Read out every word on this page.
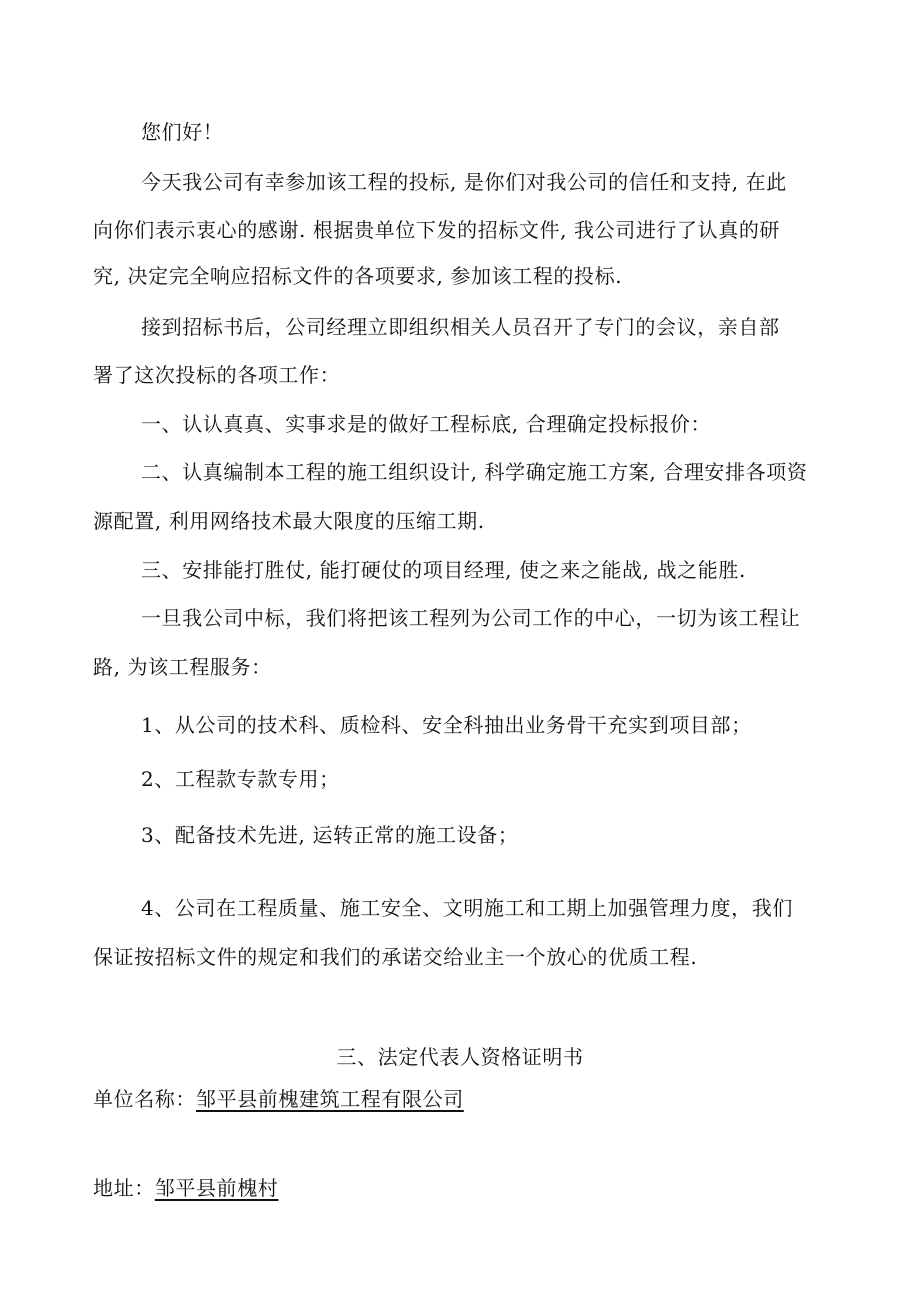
您们好！
今天我公司有幸参加该工程的投标, 是你们对我公司的信任和支持, 在此
向你们表示衷心的感谢. 根据贵单位下发的招标文件, 我公司进行了认真的研
究, 决定完全响应招标文件的各项要求, 参加该工程的投标.
接到招标书后，公司经理立即组织相关人员召开了专门的会议，亲自部
署了这次投标的各项工作：
一、认认真真、实事求是的做好工程标底, 合理确定投标报价：
二、认真编制本工程的施工组织设计, 科学确定施工方案, 合理安排各项资
源配置, 利用网络技术最大限度的压缩工期.
三、安排能打胜仗, 能打硬仗的项目经理, 使之来之能战, 战之能胜.
一旦我公司中标，我们将把该工程列为公司工作的中心，一切为该工程让
路, 为该工程服务：
1、从公司的技术科、质检科、安全科抽出业务骨干充实到项目部；
2、工程款专款专用；
3、配备技术先进, 运转正常的施工设备；
4、公司在工程质量、施工安全、文明施工和工期上加强管理力度，我们
保证按招标文件的规定和我们的承诺交给业主一个放心的优质工程.
三、法定代表人资格证明书
单位名称：邹平县前槐建筑工程有限公司
地址：邹平县前槐村
